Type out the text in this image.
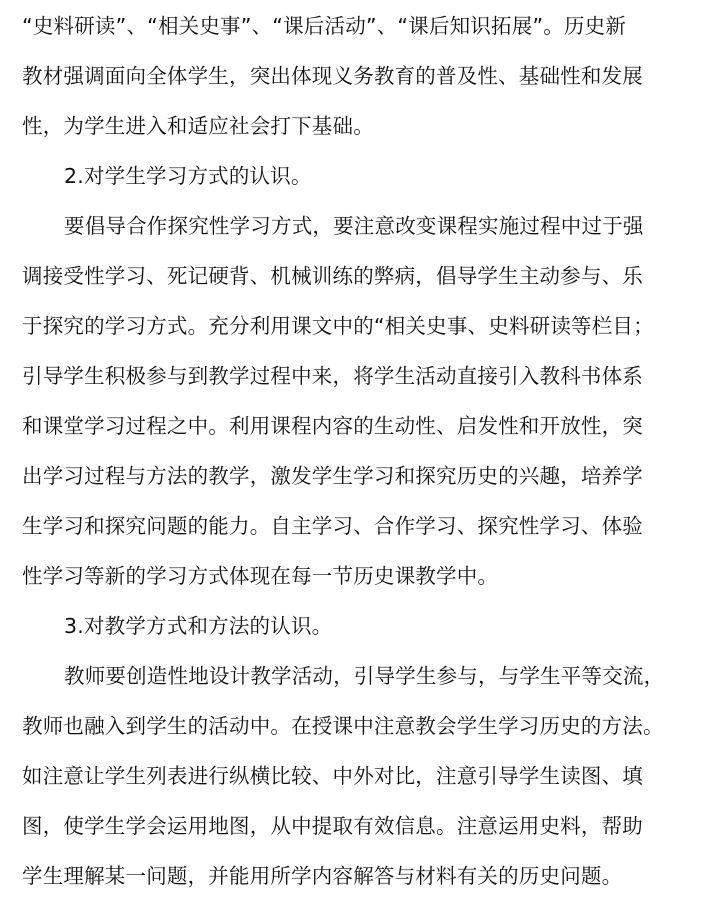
“史料研读”、“相关史事”、“课后活动”、“课后知识拓展”。历史新
教材强调面向全体学生，突出体现义务教育的普及性、基础性和发展
性，为学生进入和适应社会打下基础。
2.对学生学习方式的认识。
要倡导合作探究性学习方式，要注意改变课程实施过程中过于强
调接受性学习、死记硬背、机械训练的弊病，倡导学生主动参与、乐
于探究的学习方式。充分利用课文中的“相关史事、史料研读等栏目；
引导学生积极参与到教学过程中来，将学生活动直接引入教科书体系
和课堂学习过程之中。利用课程内容的生动性、启发性和开放性，突
出学习过程与方法的教学，激发学生学习和探究历史的兴趣，培养学
生学习和探究问题的能力。自主学习、合作学习、探究性学习、体验
性学习等新的学习方式体现在每一节历史课教学中。
3.对教学方式和方法的认识。
教师要创造性地设计教学活动，引导学生参与，与学生平等交流，
教师也融入到学生的活动中。在授课中注意教会学生学习历史的方法。
如注意让学生列表进行纵横比较、中外对比，注意引导学生读图、填
图，使学生学会运用地图，从中提取有效信息。注意运用史料，帮助
学生理解某一问题，并能用所学内容解答与材料有关的历史问题。
